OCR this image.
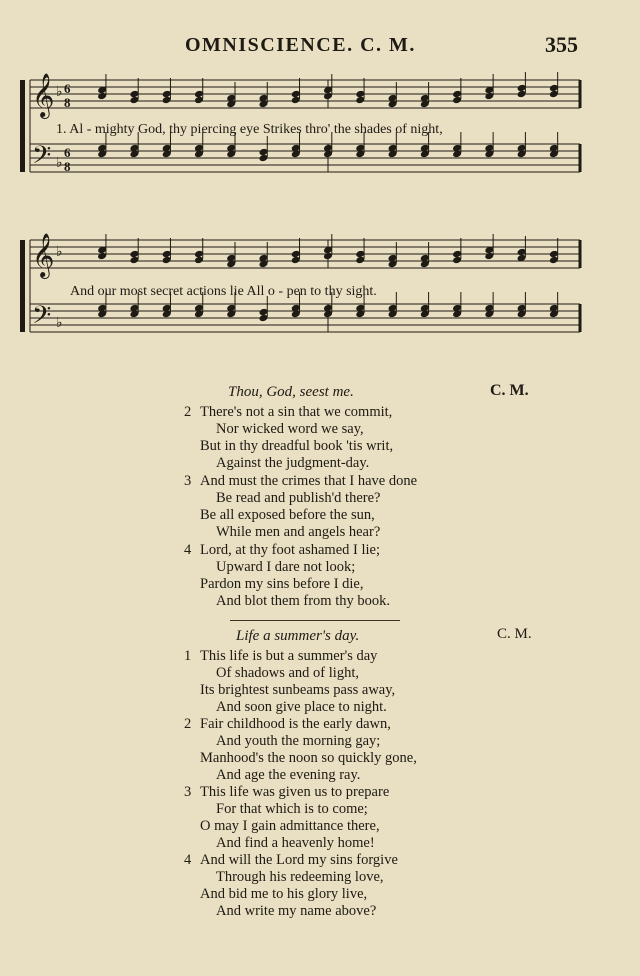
OMNISCIENCE. C. M.	355
𝄞
𝄢
♭
♭
6
8
6
8
1. Al - mighty God, thy piercing eye Strikes thro' the shades of night,
𝄞
𝄢
♭
♭
And our most secret actions lie All o - pen to thy sight.
Thou, God, seest me.	C. M.
2 There's not a sin that we commit,
Nor wicked word we say,
But in thy dreadful book 'tis writ,
Against the judgment-day.
3 And must the crimes that I have done
Be read and publish'd there?
Be all exposed before the sun,
While men and angels hear?
4 Lord, at thy foot ashamed I lie;
Upward I dare not look;
Pardon my sins before I die,
And blot them from thy book.
Life a summer's day.	C. M.
1 This life is but a summer's day
Of shadows and of light,
Its brightest sunbeams pass away,
And soon give place to night.
2 Fair childhood is the early dawn,
And youth the morning gay;
Manhood's the noon so quickly gone,
And age the evening ray.
3 This life was given us to prepare
For that which is to come;
O may I gain admittance there,
And find a heavenly home!
4 And will the Lord my sins forgive
Through his redeeming love,
And bid me to his glory live,
And write my name above?
